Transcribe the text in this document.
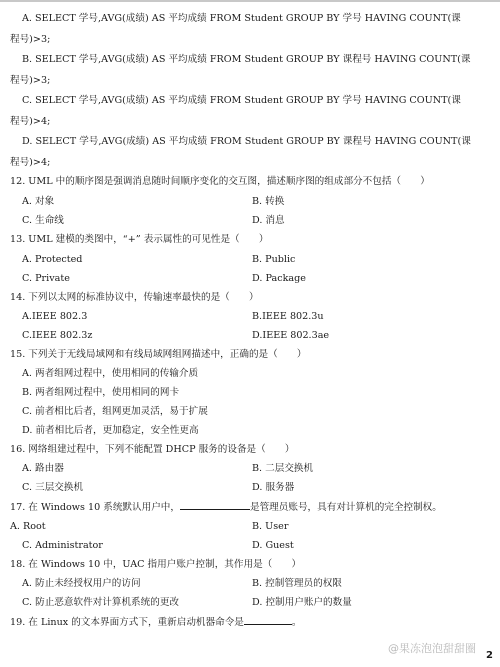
A. SELECT 学号,AVG(成绩) AS 平均成绩 FROM Student GROUP BY 学号 HAVING COUNT(课
程号)>3;
B. SELECT 学号,AVG(成绩) AS 平均成绩 FROM Student GROUP BY 课程号 HAVING COUNT(课
程号)>3;
C. SELECT 学号,AVG(成绩) AS 平均成绩 FROM Student GROUP BY 学号 HAVING COUNT(课
程号)>4;
D. SELECT 学号,AVG(成绩) AS 平均成绩 FROM Student GROUP BY 课程号 HAVING COUNT(课
程号)>4;
12. UML 中的顺序图是强调消息随时间顺序变化的交互图，描述顺序图的组成部分不包括（　　）
A. 对象	B. 转换
C. 生命线	D. 消息
13. UML 建模的类图中，“+” 表示属性的可见性是（　　）
A. Protected	B. Public
C. Private	D. Package
14. 下列以太网的标准协议中，传输速率最快的是（　　）
A.IEEE 802.3	B.IEEE 802.3u
C.IEEE 802.3z	D.IEEE 802.3ae
15. 下列关于无线局域网和有线局域网组网描述中，正确的是（　　）
A. 两者组网过程中，使用相同的传输介质
B. 两者组网过程中，使用相同的网卡
C. 前者相比后者，组网更加灵活，易于扩展
D. 前者相比后者，更加稳定，安全性更高
16. 网络组建过程中，下列不能配置 DHCP 服务的设备是（　　）
A. 路由器	B. 二层交换机
C. 三层交换机	D. 服务器
17. 在 Windows 10 系统默认用户中，	是管理员账号，具有对计算机的完全控制权。
A. Root	B. User
C. Administrator	D. Guest
18. 在 Windows 10 中，UAC 指用户账户控制，其作用是（　　）
A. 防止未经授权用户的访问	B. 控制管理员的权限
C. 防止恶意软件对计算机系统的更改	D. 控制用户账户的数量
19. 在 Linux 的文本界面方式下，重新启动机器命令是	。
@果冻泡泡甜甜圈
2
